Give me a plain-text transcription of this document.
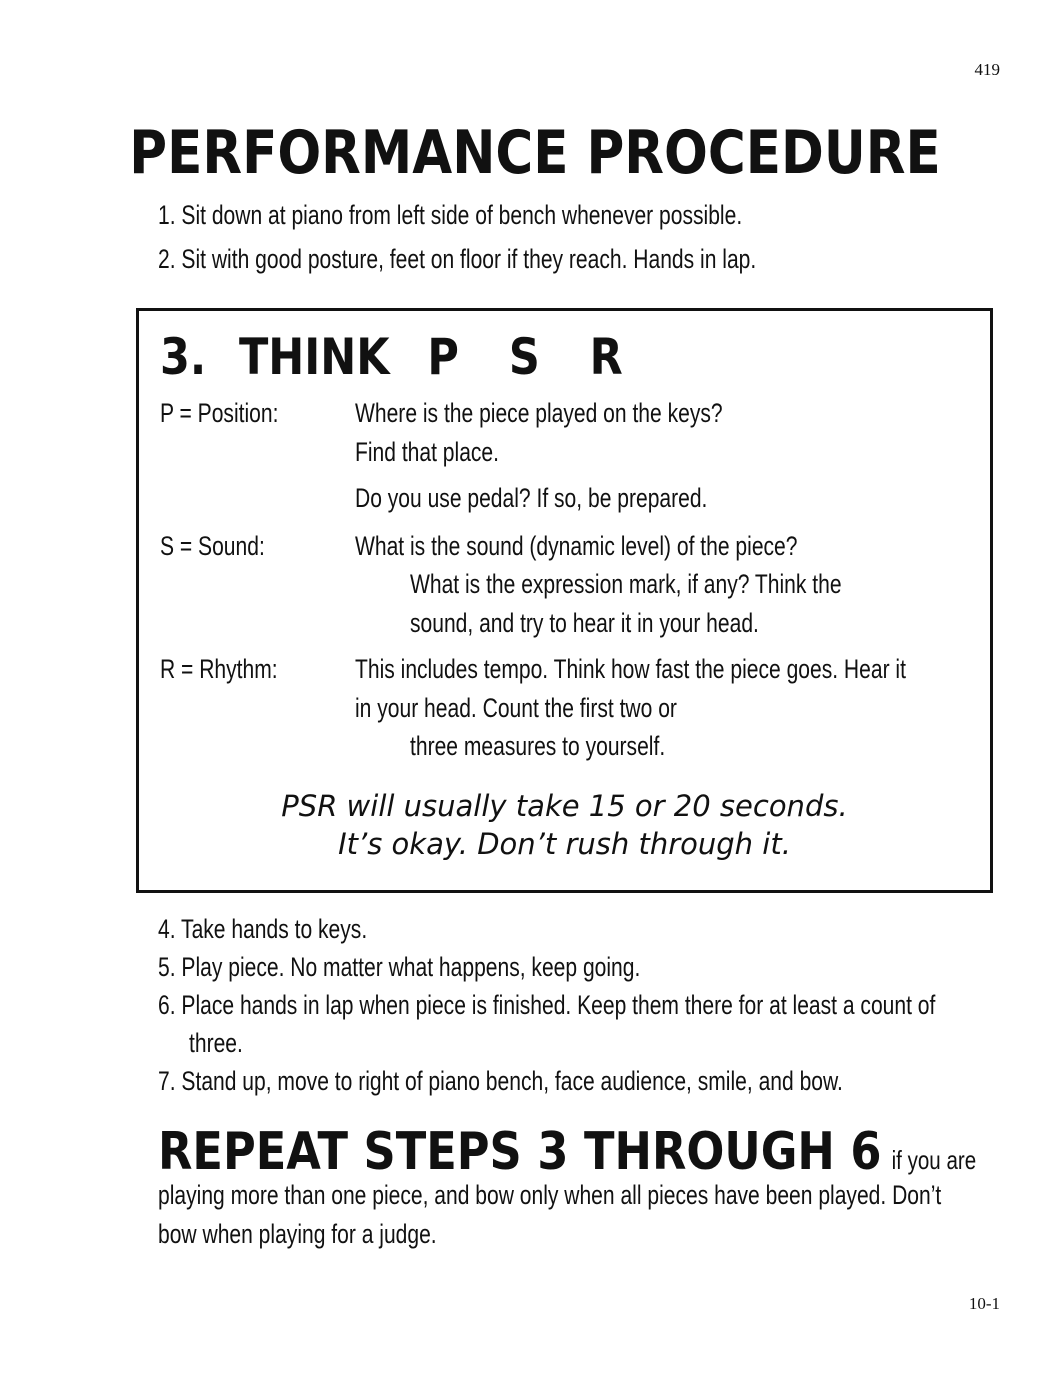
419
PERFORMANCE PROCEDURE
1. Sit down at piano from left side of bench whenever possible.
2. Sit with good posture, feet on floor if they reach. Hands in lap.
3. THINK P S R
P = Position:	Where is the piece played on the keys?
Find that place.
Do you use pedal? If so, be prepared.
S = Sound:	What is the sound (dynamic level) of the piece?
What is the expression mark, if any? Think the
sound, and try to hear it in your head.
R = Rhythm:	This includes tempo. Think how fast the piece goes. Hear it
in your head. Count the first two or
three measures to yourself.
PSR will usually take 15 or 20 seconds.
It’s okay. Don’t rush through it.
4. Take hands to keys.
5. Play piece. No matter what happens, keep going.
6. Place hands in lap when piece is finished. Keep them there for at least a count of
three.
7. Stand up, move to right of piano bench, face audience, smile, and bow.
REPEAT STEPS 3 THROUGH 6 if you are
playing more than one piece, and bow only when all pieces have been played. Don’t
bow when playing for a judge.
10-1
